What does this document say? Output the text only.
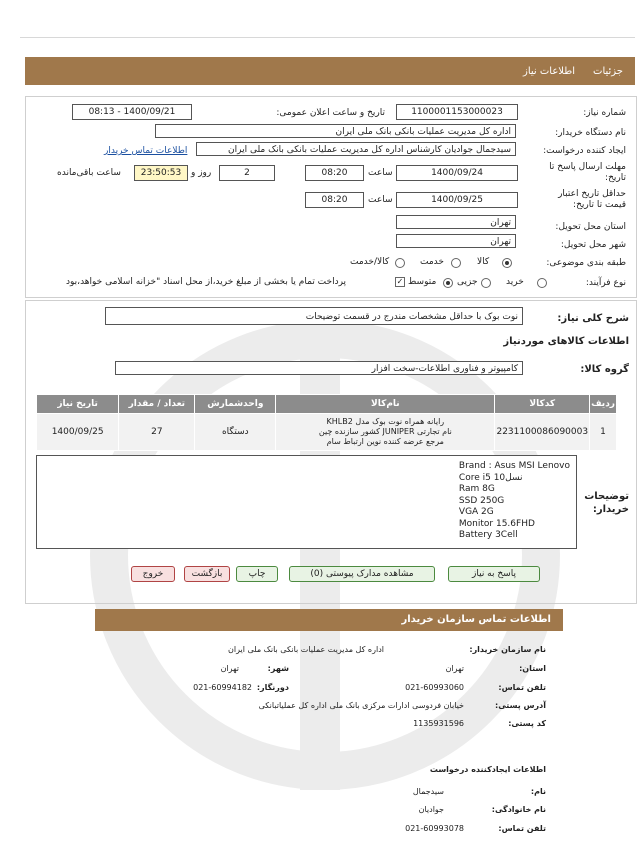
جزئیات
اطلاعات نیاز
شماره نیاز:
1100001153000023
تاریخ و ساعت اعلان عمومی:
1400/09/21 - 08:13
نام دستگاه خریدار:
اداره کل مدیریت عملیات بانکی بانک ملی ایران
ایجاد کننده درخواست:
سیدجمال جوادیان کارشناس اداره کل مدیریت عملیات بانکی بانک ملی ایران
اطلاعات تماس خریدار
مهلت ارسال پاسخ تا تاریخ:
1400/09/24
ساعت
08:20
2
روز و
23:50:53
ساعت باقی‌مانده
حداقل تاریخ اعتبار قیمت تا تاریخ:
1400/09/25
ساعت
08:20
استان محل تحویل:
تهران
شهر محل تحویل:
تهران
طبقه بندی موضوعی:
کالا
خدمت
کالا/خدمت
نوع فرآیند:
خرید
جزیی
متوسط
✓
پرداخت تمام یا بخشی از مبلغ خرید،از محل اسناد "خزانه اسلامی خواهد،بود
شرح کلی نیاز:
نوت بوک با حداقل مشخصات مندرج در قسمت توضیحات
اطلاعات کالاهای موردنیاز
گروه کالا:
کامپیوتر و فناوری اطلاعات-سخت افزار
ردیف	کدکالا	نام‌کالا	واحدشمارش	تعداد / مقدار	تاریخ نیاز
1	2231100086090003	رایانه همراه نوت بوک مدل KHLB2
نام تجارتی JUNIPER کشور سازنده چین
مرجع عرضه کننده نوین ارتباط سام	دستگاه	27	1400/09/25
توضیحات خریدار:
Brand : Asus MSI Lenovo
Core i5 نسل10
Ram 8G
SSD 250G
VGA 2G
Monitor 15.6FHD
Battery 3Cell
پاسخ به نیاز
مشاهده مدارک پیوستی (0)
چاپ
بازگشت
خروج
اطلاعات تماس سازمان خریدار
نام سازمان خریدار:
اداره کل مدیریت عملیات بانکی بانک ملی ایران
استان:
تهران
شهر:
تهران
تلفن تماس:
021-60993060
دورنگار:
021-60994182
آدرس پستی:
خیابان فردوسی ادارات مرکزی بانک ملی اداره کل عملیاتبانکی
کد پستی:
1135931596
اطلاعات ایجادکننده درخواست
نام:
سیدجمال
نام خانوادگی:
جوادیان
تلفن تماس:
021-60993078
